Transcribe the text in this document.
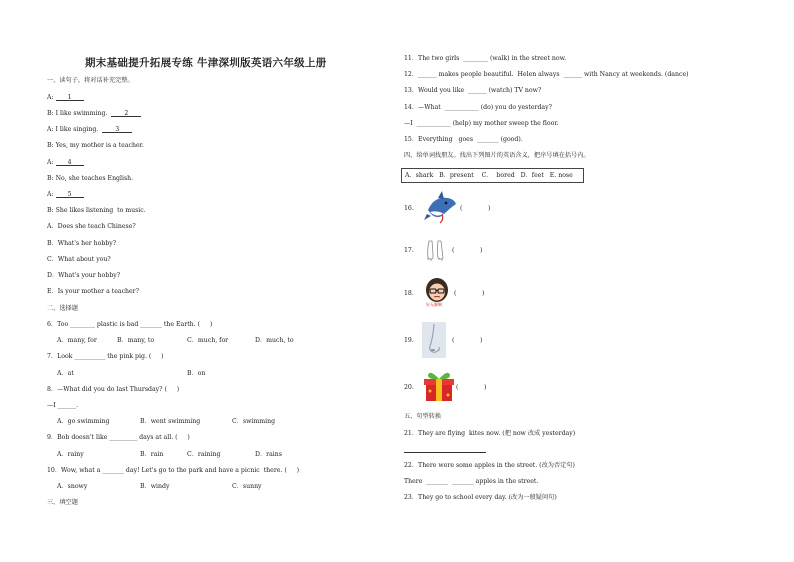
期末基础提升拓展专练 牛津深圳版英语六年级上册
一、读句子，将对话补充完整。
A: 1
B: I like swimming.	2
A: I like singing.	3
B: Yes, my mother is a teacher.
A: 4
B: No, she teaches English.
A: 5
B: She likes listening  to music.
A．Does she teach Chinese?
B．What's her hobby?
C．What about you?
D．What's your hobby?
E．Is your mother a teacher?
二、选择题
6．Too ________ plastic is bad _______ the Earth. (     )
A．many, for	B．many, to	C．much, for	D．much, to
7．Look __________ the pink pig. (     )
A．at	B．on
8．—What did you do last Thursday? (     )
—I ______.
A．go swimming	B．went swimming	C．swimming
9．Bob doesn't like _________ days at all. (     )
A．rainy	B．rain	C．raining	D．rains
10．Wow, what a _______ day! Let's go to the park and have a picnic  there. (     )
A．snowy	B．windy	C．sunny
三、填空题
11．The two girls  ________ (walk) in the street now.
12．______ makes people beautiful.  Helen always  ______ with Nancy at weekends. (dance)
13．Would you like  ______ (watch) TV now?
14．—What  ___________ (do) you do yesterday?
—I  ___________ (help) my mother sweep the floor.
15．Everything   goes  _______ (good).
四、给单词找朋友。找出下列图片的英语含义，把序号填在括号内。
A．shark   B．present    C．  bored   D．feet   E. nose
16.	(             )
17.	(             )
18.
好无聊啊
(             )
19.	(             )
20.	(             )
五、句型转换
21．They are flying  kites now. (把 now 改成 yesterday)
22．There were some apples in the street. (改为否定句)
There  _______  _______ apples in the street.
23．They go to school every day. (改为一般疑问句)
